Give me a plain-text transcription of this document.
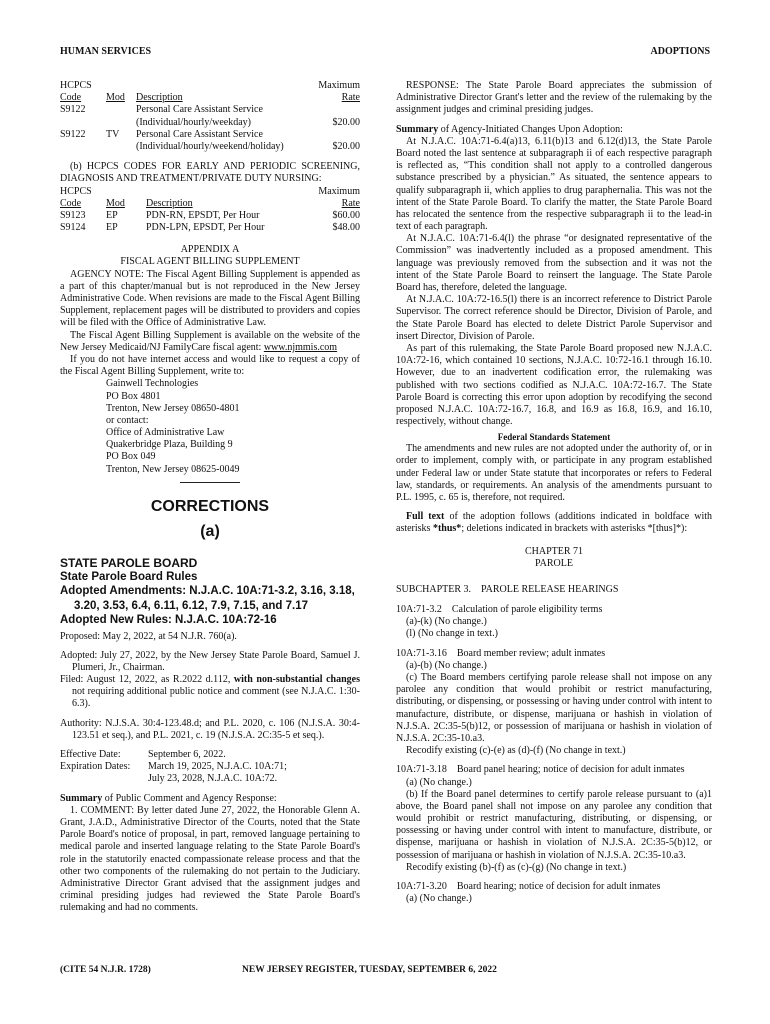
HUMAN SERVICES	ADOPTIONS
HCPCS			Maximum
Code	Mod	Description	Rate
S9122		Personal Care Assistant Service
(Individual/hourly/weekday)	$20.00
S9122	TV	Personal Care Assistant Service
(Individual/hourly/weekend/holiday)	$20.00

(b) HCPCS CODES FOR EARLY AND PERIODIC SCREENING, DIAGNOSIS AND TREATMENT/PRIVATE DUTY NURSING:

HCPCS			Maximum
Code	Mod	Description	Rate
S9123	EP	PDN-RN, EPSDT, Per Hour	$60.00
S9124	EP	PDN-LPN, EPSDT, Per Hour	$48.00

APPENDIX A

FISCAL AGENT BILLING SUPPLEMENT

AGENCY NOTE: The Fiscal Agent Billing Supplement is appended as a part of this chapter/manual but is not reproduced in the New Jersey Administrative Code. When revisions are made to the Fiscal Agent Billing Supplement, replacement pages will be distributed to providers and copies will be filed with the Office of Administrative Law.

The Fiscal Agent Billing Supplement is available on the website of the New Jersey Medicaid/NJ FamilyCare fiscal agent: www.njmmis.com

If you do not have internet access and would like to request a copy of the Fiscal Agent Billing Supplement, write to:

Gainwell Technologies
PO Box 4801
Trenton, New Jersey 08650-4801
or contact:
Office of Administrative Law
Quakerbridge Plaza, Building 9
PO Box 049
Trenton, New Jersey 08625-0049
CORRECTIONS
(a)
STATE PAROLE BOARD
State Parole Board Rules
Adopted Amendments: N.J.A.C. 10A:71-3.2, 3.16, 3.18, 3.20, 3.53, 6.4, 6.11, 6.12, 7.9, 7.15, and 7.17
Adopted New Rules: N.J.A.C. 10A:72-16

Proposed: May 2, 2022, at 54 N.J.R. 760(a).

Adopted: July 27, 2022, by the New Jersey State Parole Board, Samuel J. Plumeri, Jr., Chairman.

Filed: August 12, 2022, as R.2022 d.112, with non-substantial changes not requiring additional public notice and comment (see N.J.A.C. 1:30-6.3).

Authority: N.J.S.A. 30:4-123.48.d; and P.L. 2020, c. 106 (N.J.S.A. 30:4-123.51 et seq.), and P.L. 2021, c. 19 (N.J.S.A. 2C:35-5 et seq.).

Effective Date:	September 6, 2022.
Expiration Dates:	March 19, 2025, N.J.A.C. 10A:71;
July 23, 2028, N.J.A.C. 10A:72.

Summary of Public Comment and Agency Response:

1. COMMENT: By letter dated June 27, 2022, the Honorable Glenn A. Grant, J.A.D., Administrative Director of the Courts, noted that the State Parole Board's notice of proposal, in part, removed language pertaining to medical parole and inserted language relating to the State Parole Board's role in the statutorily enacted compassionate release process and that the other two components of the rulemaking do not pertain to the Judiciary. Administrative Director Grant advised that the assignment judges and criminal presiding judges had reviewed the State Parole Board's rulemaking and had no comments.

RESPONSE: The State Parole Board appreciates the submission of Administrative Director Grant's letter and the review of the rulemaking by the assignment judges and criminal presiding judges.

Summary of Agency-Initiated Changes Upon Adoption:

At N.J.A.C. 10A:71-6.4(a)13, 6.11(b)13 and 6.12(d)13, the State Parole Board noted the last sentence at subparagraph ii of each respective paragraph is reflected as, “This condition shall not apply to a controlled dangerous substance prescribed by a physician.” As situated, the sentence appears to qualify subparagraph ii, which applies to drug paraphernalia. This was not the intent of the State Parole Board. To clarify the matter, the State Parole Board has relocated the sentence from the respective subparagraph ii to the lead-in text of each paragraph.

At N.J.A.C. 10A:71-6.4(l) the phrase “or designated representative of the Commission” was inadvertently included as a proposed amendment. This language was previously removed from the subsection and it was not the intent of the State Parole Board to reinsert the language. The State Parole Board has, therefore, deleted the language.

At N.J.A.C. 10A:72-16.5(l) there is an incorrect reference to District Parole Supervisor. The correct reference should be Director, Division of Parole, and the State Parole Board has elected to delete District Parole Supervisor and insert Director, Division of Parole.

As part of this rulemaking, the State Parole Board proposed new N.J.A.C. 10A:72-16, which contained 10 sections, N.J.A.C. 10:72-16.1 through 16.10. However, due to an inadvertent codification error, the rulemaking was published with two sections codified as N.J.A.C. 10A:72-16.7. The State Parole Board is correcting this error upon adoption by recodifying the second proposed N.J.A.C. 10A:72-16.7, 16.8, and 16.9 as 16.8, 16.9, and 16.10, respectively, without change.

Federal Standards Statement

The amendments and new rules are not adopted under the authority of, or in order to implement, comply with, or participate in any program established under Federal law or under State statute that incorporates or refers to Federal law, standards, or requirements. An analysis of the amendments pursuant to P.L. 1995, c. 65 is, therefore, not required.

Full text of the adoption follows (additions indicated in boldface with asterisks *thus*; deletions indicated in brackets with asterisks *[thus]*):

CHAPTER 71
PAROLE
SUBCHAPTER 3. PAROLE RELEASE HEARINGS
10A:71-3.2 Calculation of parole eligibility terms

(a)-(k) (No change.)

(l) (No change in text.)

10A:71-3.16 Board member review; adult inmates

(a)-(b) (No change.)

(c) The Board members certifying parole release shall not impose on any parolee any condition that would prohibit or restrict manufacturing, distributing, or dispensing, or possessing or having under control with intent to manufacture, distribute, or dispense, marijuana or hashish in violation of N.J.S.A. 2C:35-5(b)12, or possession of marijuana or hashish in violation of N.J.S.A. 2C:35-10.a3.

Recodify existing (c)-(e) as (d)-(f) (No change in text.)

10A:71-3.18 Board panel hearing; notice of decision for adult inmates

(a) (No change.)

(b) If the Board panel determines to certify parole release pursuant to (a)1 above, the Board panel shall not impose on any parolee any condition that would prohibit or restrict manufacturing, distributing, or dispensing, or possessing or having under control with intent to manufacture, distribute, or dispense, marijuana or hashish in violation of N.J.S.A. 2C:35-5(b)12, or possession of marijuana or hashish in violation of N.J.S.A. 2C:35-10.a3.

Recodify existing (b)-(f) as (c)-(g) (No change in text.)

10A:71-3.20 Board hearing; notice of decision for adult inmates

(a) (No change.)

(CITE 54 N.J.R. 1728)	NEW JERSEY REGISTER, TUESDAY, SEPTEMBER 6, 2022
